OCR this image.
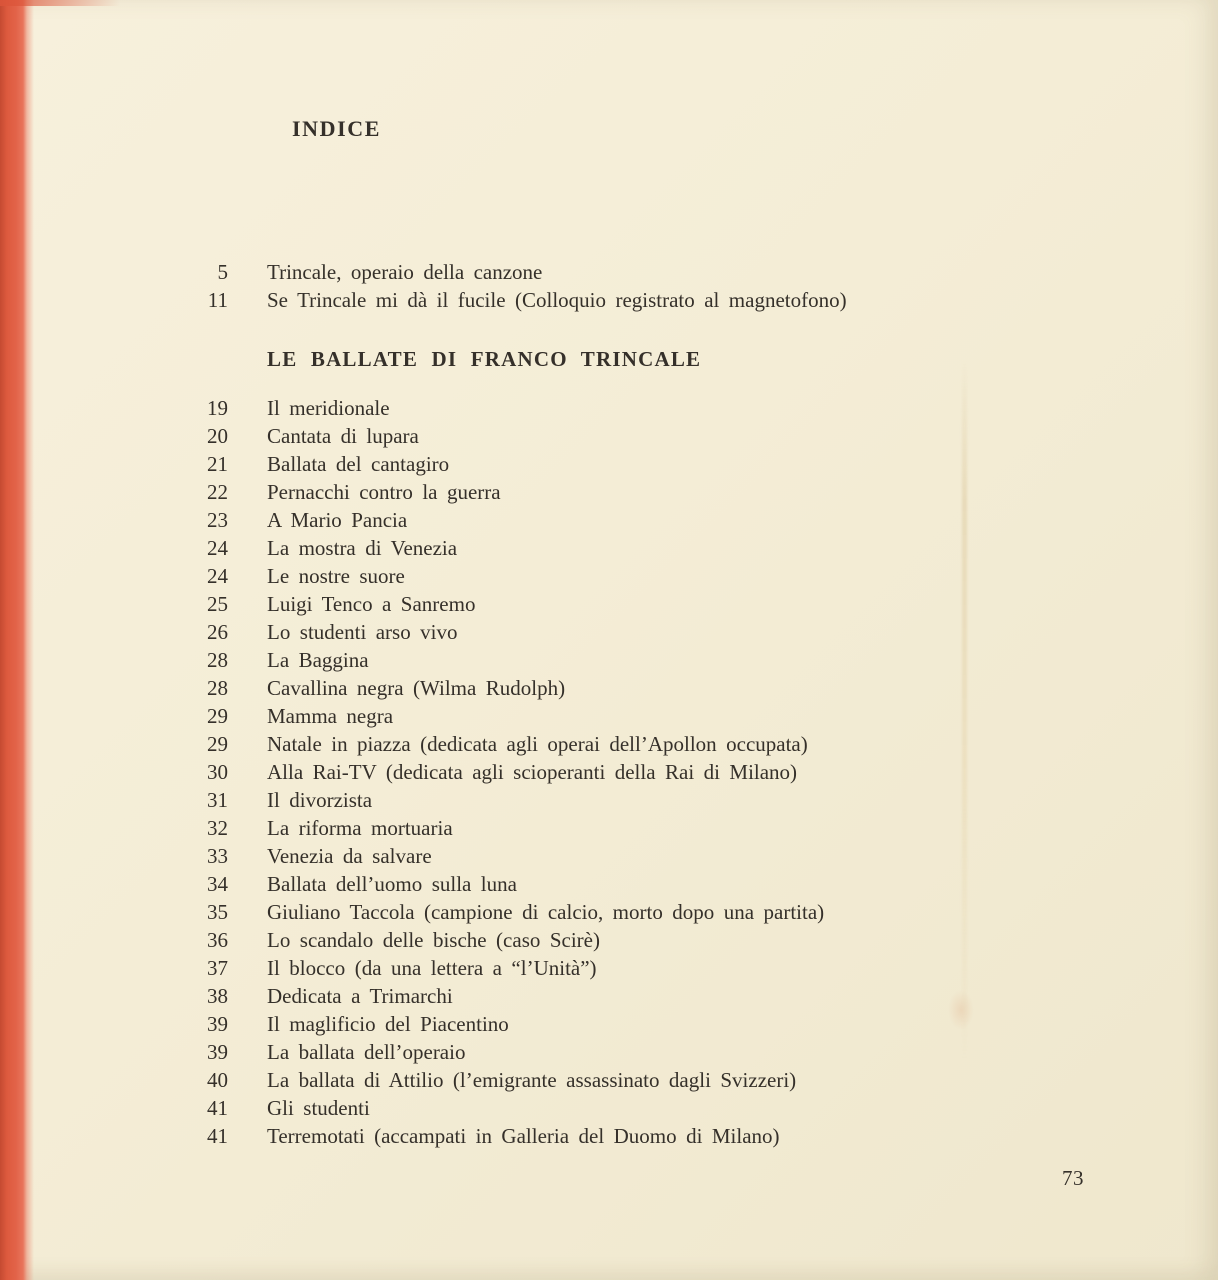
INDICE
5 Trincale, operaio della canzone
11 Se Trincale mi dà il fucile (Colloquio registrato al magnetofono)
LE BALLATE DI FRANCO TRINCALE
19 Il meridionale
20 Cantata di lupara
21 Ballata del cantagiro
22 Pernacchi contro la guerra
23 A Mario Pancia
24 La mostra di Venezia
24 Le nostre suore
25 Luigi Tenco a Sanremo
26 Lo studenti arso vivo
28 La Baggina
28 Cavallina negra (Wilma Rudolph)
29 Mamma negra
29 Natale in piazza (dedicata agli operai dell’Apollon occupata)
30 Alla Rai-TV (dedicata agli scioperanti della Rai di Milano)
31 Il divorzista
32 La riforma mortuaria
33 Venezia da salvare
34 Ballata dell’uomo sulla luna
35 Giuliano Taccola (campione di calcio, morto dopo una partita)
36 Lo scandalo delle bische (caso Scirè)
37 Il blocco (da una lettera a “l’Unità”)
38 Dedicata a Trimarchi
39 Il maglificio del Piacentino
39 La ballata dell’operaio
40 La ballata di Attilio (l’emigrante assassinato dagli Svizzeri)
41 Gli studenti
41 Terremotati (accampati in Galleria del Duomo di Milano)
73
